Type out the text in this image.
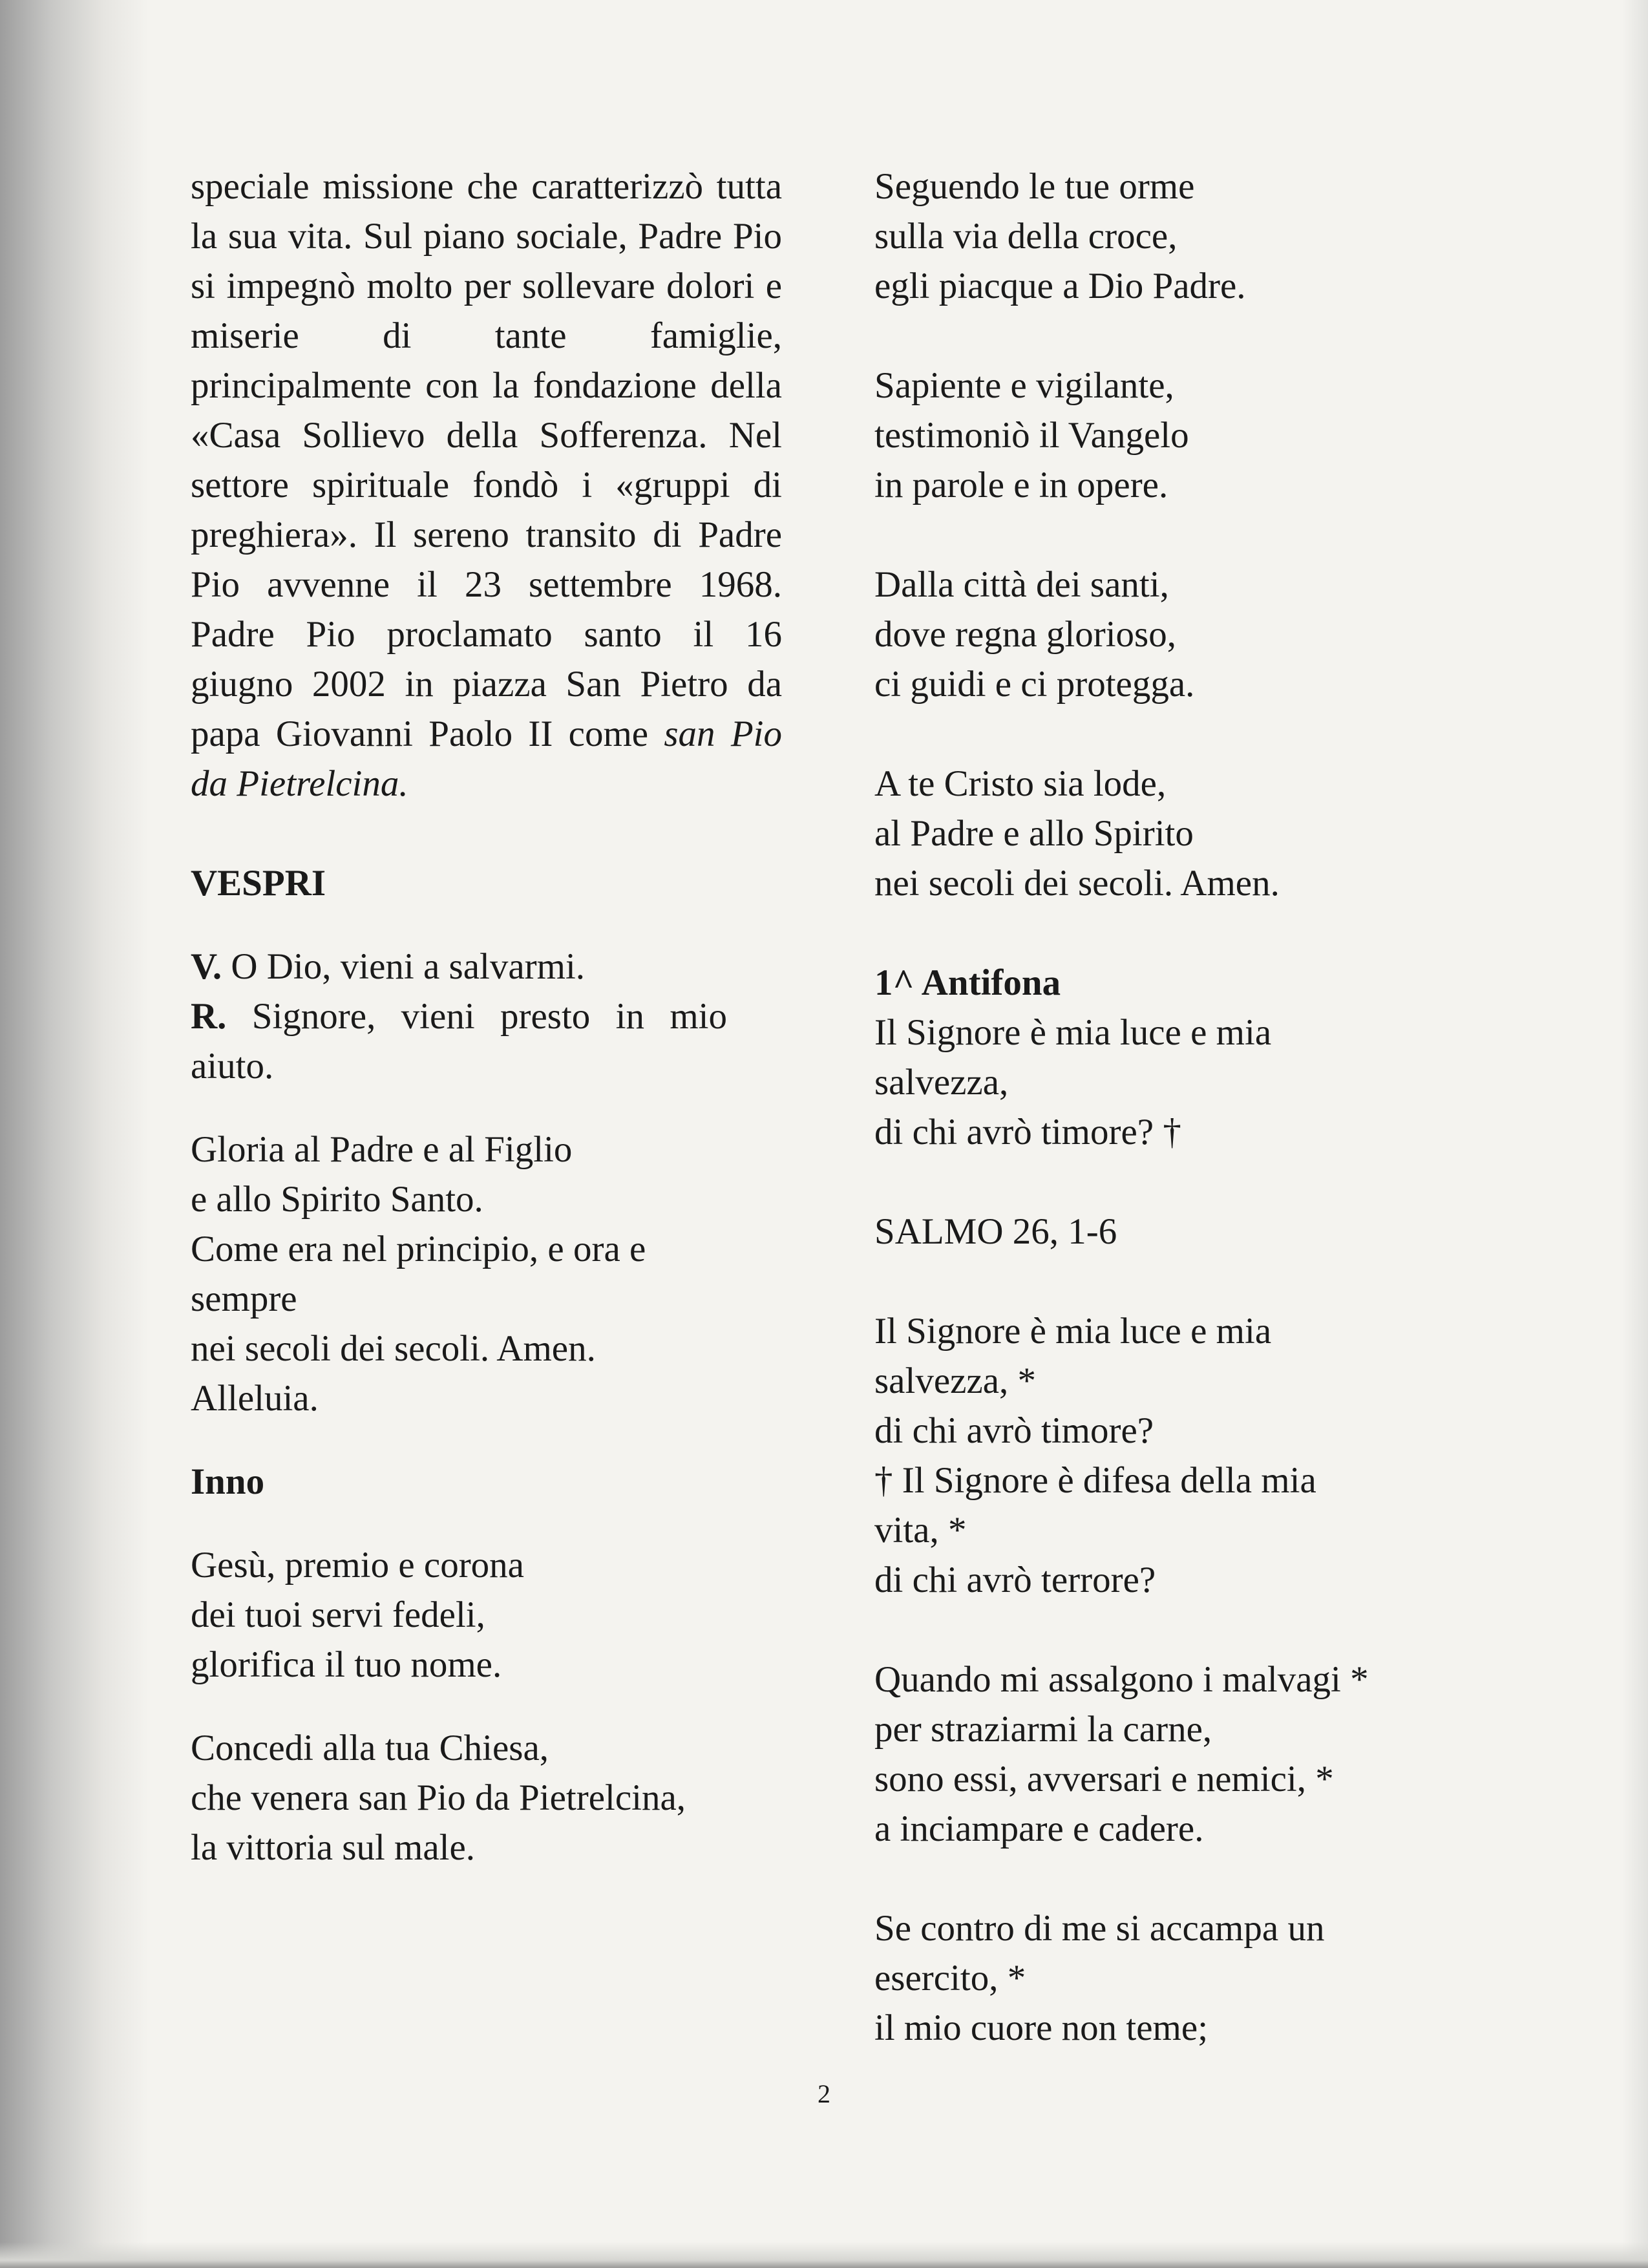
speciale missione che caratterizzò tutta la sua vita. Sul piano sociale, Padre Pio si impegnò molto per sollevare dolori e miserie di tante famiglie, principalmente con la fondazione della «Casa Sollievo della Sofferenza. Nel settore spirituale fondò i «gruppi di preghiera». Il sereno transito di Padre Pio avvenne il 23 settembre 1968. Padre Pio proclamato santo il 16 giugno 2002 in piazza San Pietro da papa Giovanni Paolo II come san Pio da Pietrelcina.

VESPRI

V. O Dio, vieni a salvarmi.

R. Signore, vieni presto in mio aiuto.

Gloria al Padre e al Figlio
e allo Spirito Santo.
Come era nel principio, e ora e
sempre
nei secoli dei secoli. Amen.
Alleluia.

Inno

Gesù, premio e corona
dei tuoi servi fedeli,
glorifica il tuo nome.
Concedi alla tua Chiesa,
che venera san Pio da Pietrelcina,
la vittoria sul male.
Seguendo le tue orme
sulla via della croce,
egli piacque a Dio Padre.
Sapiente e vigilante,
testimoniò il Vangelo
in parole e in opere.
Dalla città dei santi,
dove regna glorioso,
ci guidi e ci protegga.
A te Cristo sia lode,
al Padre e allo Spirito
nei secoli dei secoli. Amen.

1^ Antifona

Il Signore è mia luce e mia
salvezza,
di chi avrò timore? †

SALMO 26, 1-6

Il Signore è mia luce e mia
salvezza, *
di chi avrò timore?
† Il Signore è difesa della mia
vita, *
di chi avrò terrore?
Quando mi assalgono i malvagi *
per straziarmi la carne,
sono essi, avversari e nemici, *
a inciampare e cadere.
Se contro di me si accampa un
esercito, *
il mio cuore non teme;
2
